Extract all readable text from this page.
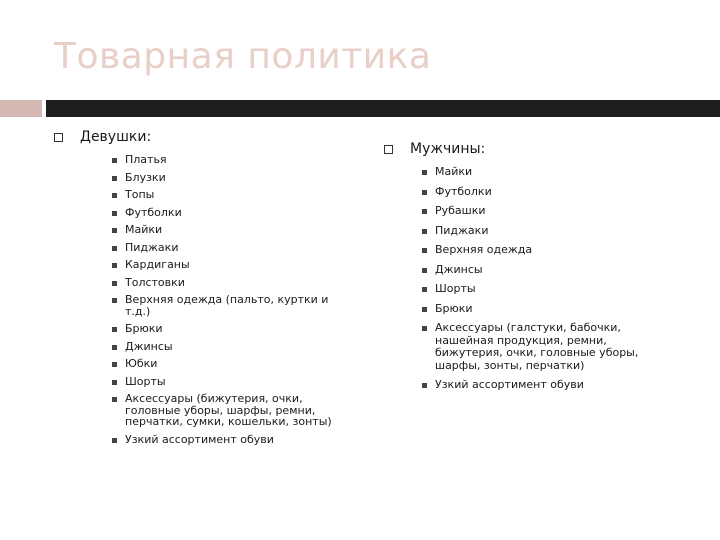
Товарная политика
Девушки:
Платья
Блузки
Топы
Футболки
Майки
Пиджаки
Кардиганы
Толстовки
Верхняя одежда (пальто, куртки и т.д.)
Брюки
Джинсы
Юбки
Шорты
Аксессуары (бижутерия, очки, головные уборы, шарфы, ремни, перчатки, сумки, кошельки, зонты)
Узкий ассортимент обуви
Мужчины:
Майки
Футболки
Рубашки
Пиджаки
Верхняя одежда
Джинсы
Шорты
Брюки
Аксессуары (галстуки, бабочки, нашейная продукция, ремни, бижутерия, очки, головные уборы, шарфы, зонты, перчатки)
Узкий ассортимент обуви
